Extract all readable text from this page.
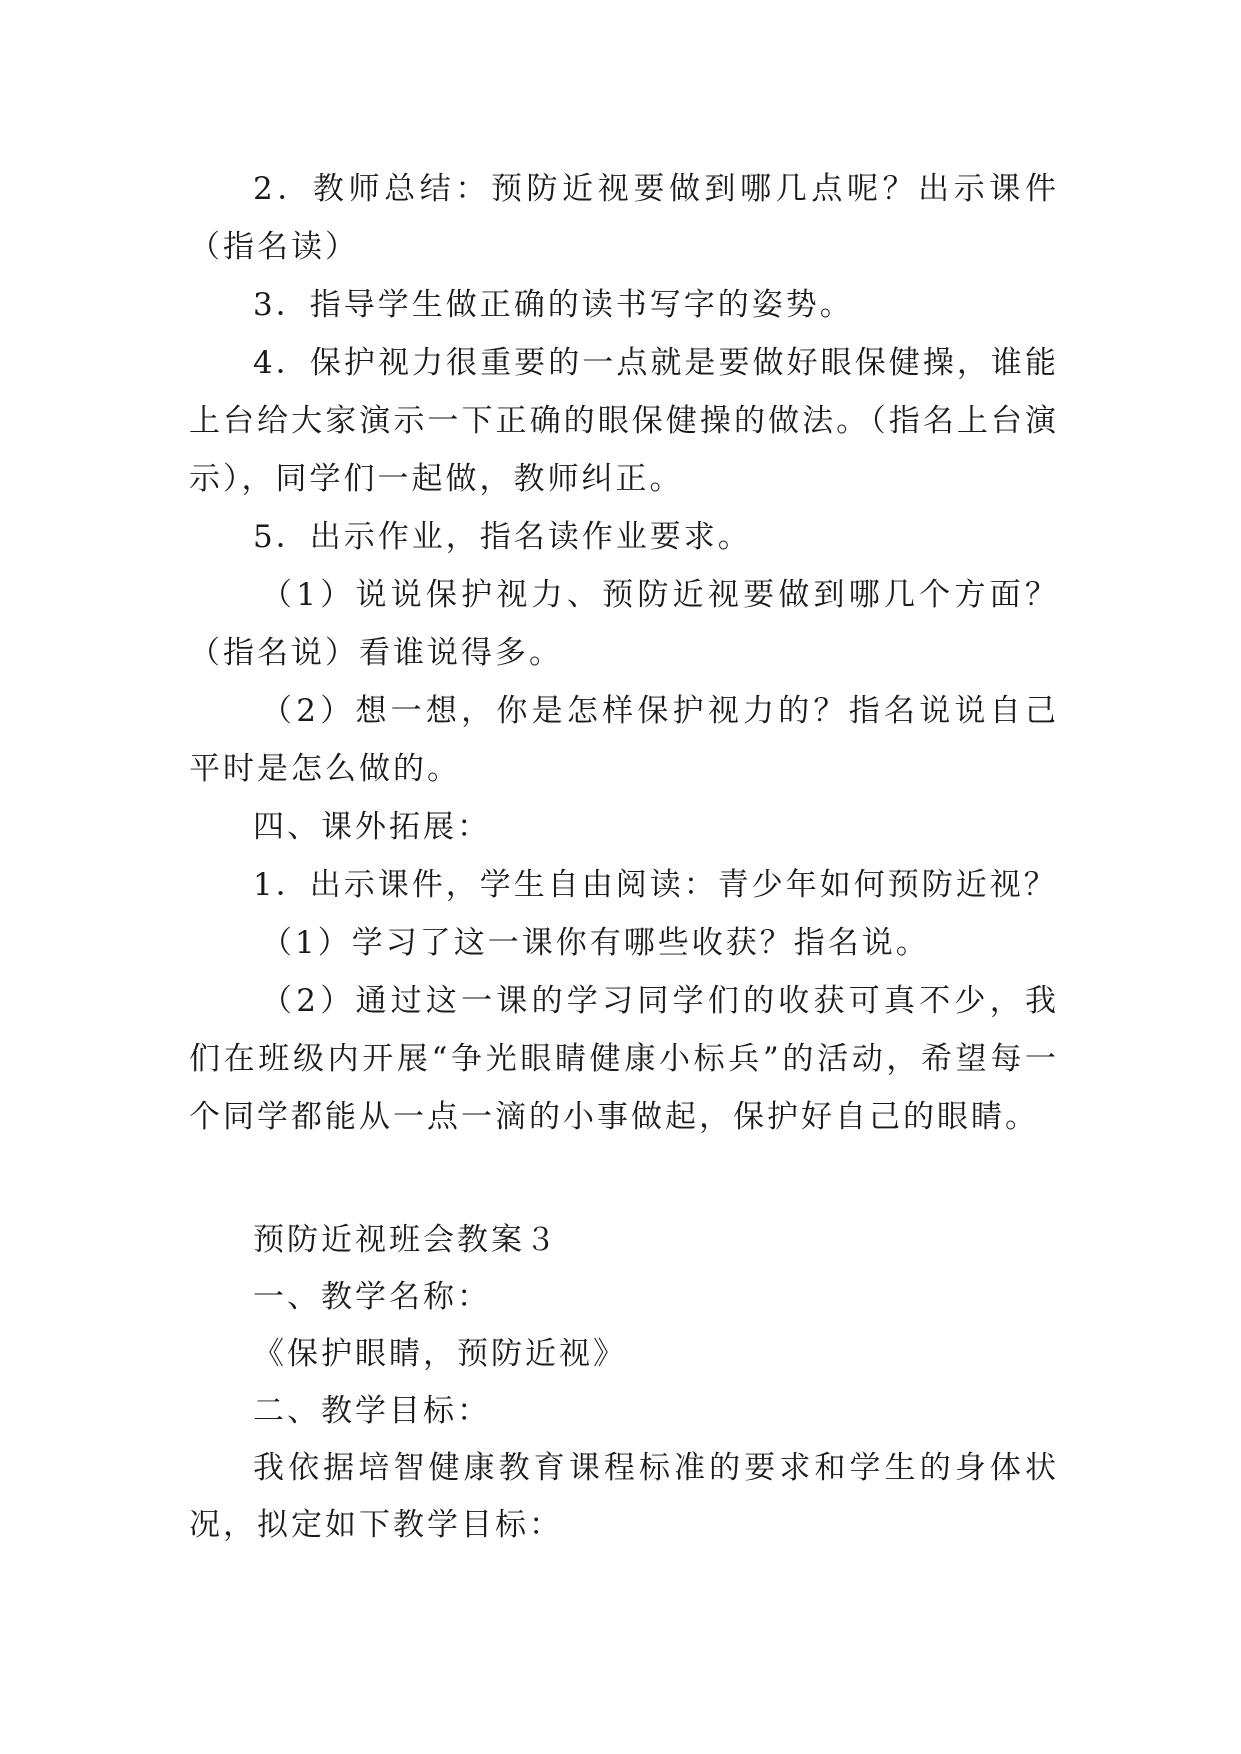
2．教师总结：预防近视要做到哪几点呢？出示课件（指名读）

3．指导学生做正确的读书写字的姿势。

4．保护视力很重要的一点就是要做好眼保健操，谁能上台给大家演示一下正确的眼保健操的做法。（指名上台演示），同学们一起做，教师纠正。

5．出示作业，指名读作业要求。

（1）说说保护视力、预防近视要做到哪几个方面？（指名说）看谁说得多。

（2）想一想，你是怎样保护视力的？指名说说自己平时是怎么做的。

四、课外拓展：

1．出示课件，学生自由阅读：青少年如何预防近视？

（1）学习了这一课你有哪些收获？指名说。

（2）通过这一课的学习同学们的收获可真不少，我们在班级内开展“争光眼睛健康小标兵”的活动，希望每一个同学都能从一点一滴的小事做起，保护好自己的眼睛。

预防近视班会教案３

一、教学名称：

《保护眼睛，预防近视》

二、教学目标：

我依据培智健康教育课程标准的要求和学生的身体状况，拟定如下教学目标：
